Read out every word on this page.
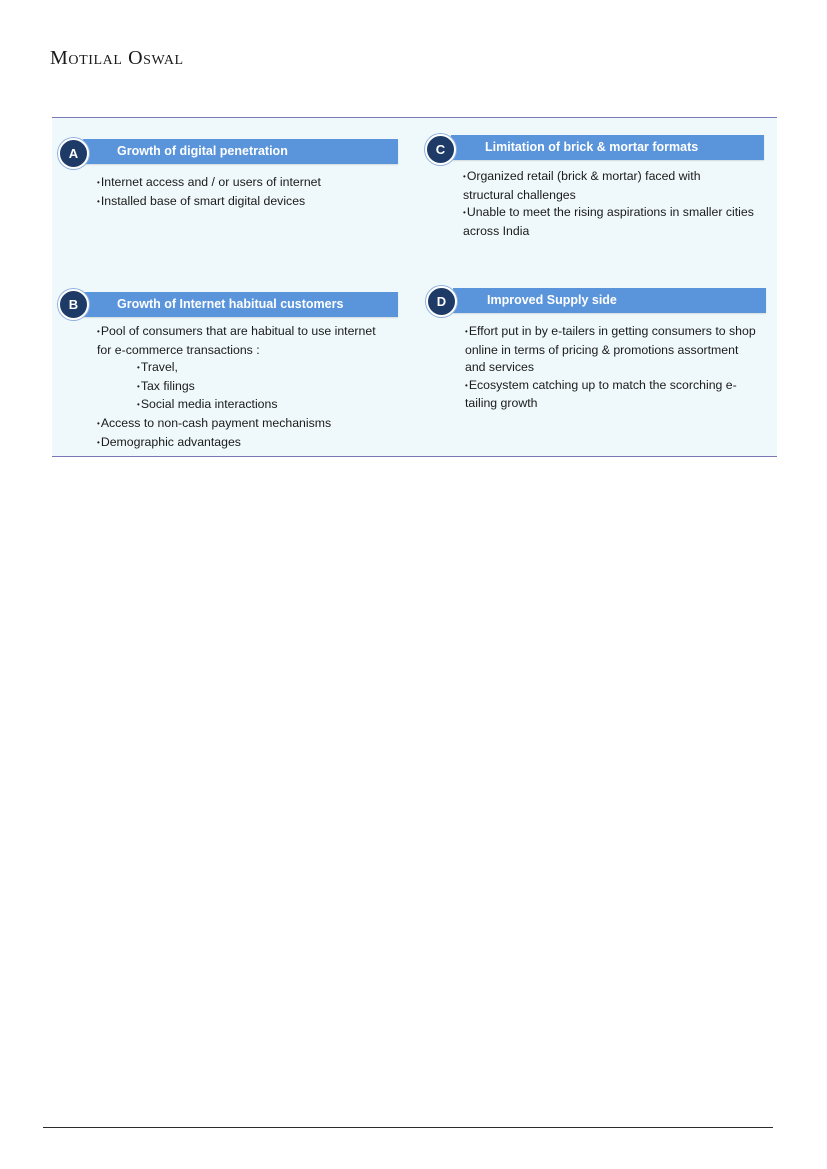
Motilal Oswal
Growth of digital penetration
A
• Internet access and / or users of internet
• Installed base of smart digital devices
Limitation of brick & mortar formats
C
• Organized retail (brick & mortar) faced with
structural challenges
• Unable to meet the rising aspirations in smaller cities
across India
Growth of Internet habitual customers
B
• Pool of consumers that are habitual to use internet
for e-commerce transactions :
• Travel,
• Tax filings
• Social media interactions
• Access to non-cash payment mechanisms
• Demographic advantages
Improved Supply side
D
• Effort put in by e-tailers in getting consumers to shop
online in terms of pricing & promotions assortment
and services
• Ecosystem catching up to match the scorching e-
tailing growth
